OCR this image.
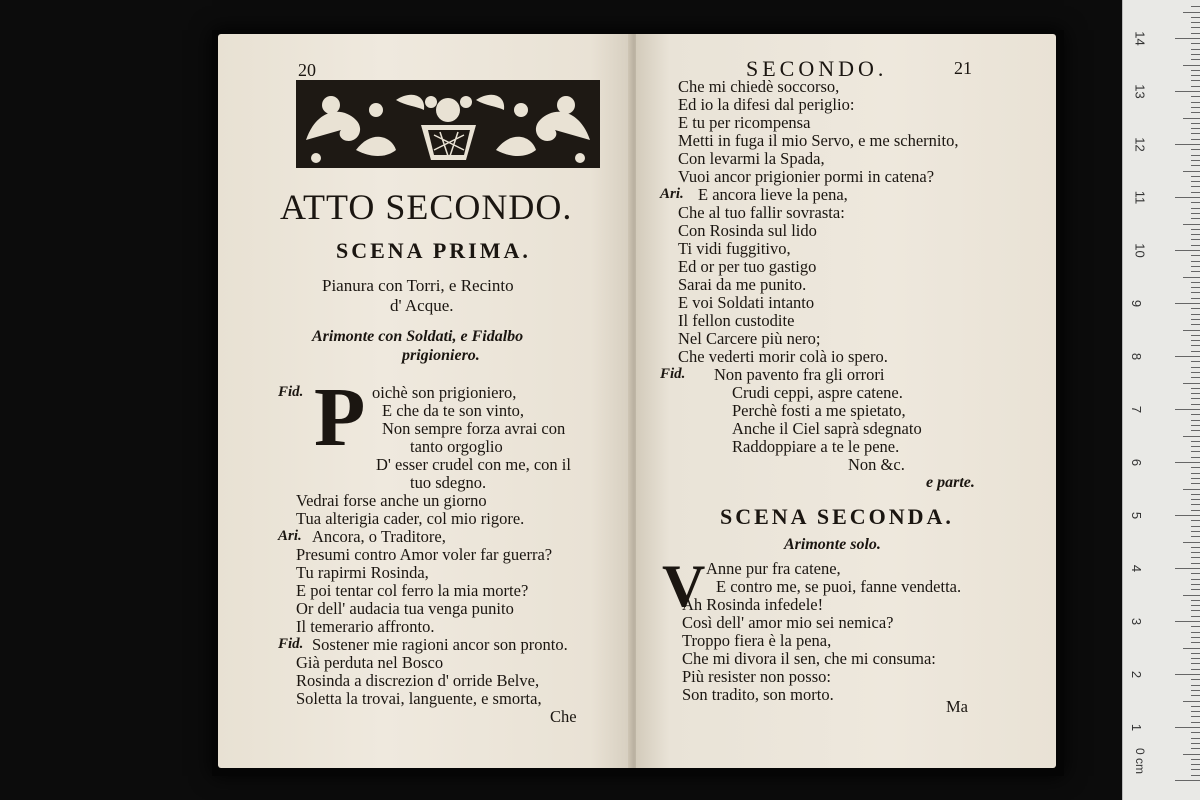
20
ATTO SECONDO.
SCENA PRIMA.
Pianura con Torri, e Recinto
d' Acque.
Arimonte con Soldati, e Fidalbo
prigioniero.
Fid. P oichè son prigioniero,
E che da te son vinto,
Non sempre forza avrai con
tanto orgoglio
D' esser crudel con me, con il
tuo sdegno.
Vedrai forse anche un giorno
Tua alterigia cader, col mio rigore.
Ari. Ancora, o Traditore,
Presumi contro Amor voler far guerra?
Tu rapirmi Rosinda,
E poi tentar col ferro la mia morte?
Or dell' audacia tua venga punito
Il temerario affronto.
Fid. Sostener mie ragioni ancor son pronto.
Già perduta nel Bosco
Rosinda a discrezion d' orride Belve,
Soletta la trovai, languente, e smorta,
Che
SECONDO.	21
Che mi chiedè soccorso,
Ed io la difesi dal periglio:
E tu per ricompensa
Metti in fuga il mio Servo, e me schernito,
Con levarmi la Spada,
Vuoi ancor prigionier pormi in catena?
Ari. E ancora lieve la pena,
Che al tuo fallir sovrasta:
Con Rosinda sul lido
Ti vidi fuggitivo,
Ed or per tuo gastigo
Sarai da me punito.
E voi Soldati intanto
Il fellon custodite
Nel Carcere più nero;
Che vederti morir colà io spero.
Fid. Non pavento fra gli orrori
Crudi ceppi, aspre catene.
Perchè fosti a me spietato,
Anche il Ciel saprà sdegnato
Raddoppiare a te le pene.
Non &c.
e parte.
SCENA SECONDA.
Arimonte solo.
V Anne pur fra catene,
E contro me, se puoi, fanne vendetta.
Ah Rosinda infedele!
Così dell' amor mio sei nemica?
Troppo fiera è la pena,
Che mi divora il sen, che mi consuma:
Più resister non posso:
Son tradito, son morto.
Ma
0 cm
1
2
3
4
5
6
7
8
9
10
11
12
13
14
